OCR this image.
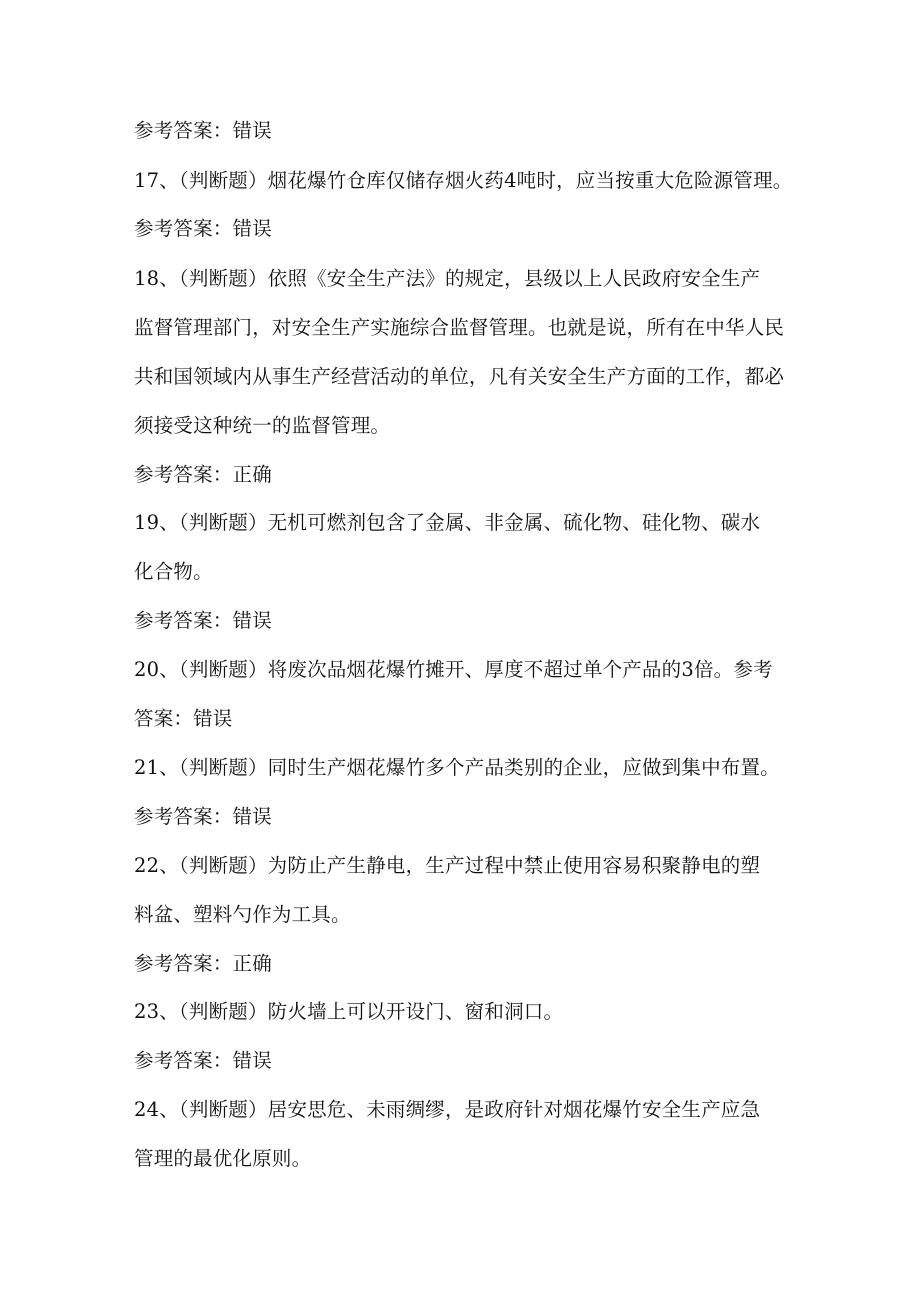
参考答案：错误
17、（判断题）烟花爆竹仓库仅储存烟火药4吨时，应当按重大危险源管理。
参考答案：错误
18、（判断题）依照《安全生产法》的规定，县级以上人民政府安全生产
监督管理部门，对安全生产实施综合监督管理。也就是说，所有在中华人民
共和国领域内从事生产经营活动的单位，凡有关安全生产方面的工作，都必
须接受这种统一的监督管理。
参考答案：正确
19、（判断题）无机可燃剂包含了金属、非金属、硫化物、硅化物、碳水
化合物。
参考答案：错误
20、（判断题）将废次品烟花爆竹摊开、厚度不超过单个产品的3倍。参考
答案：错误
21、（判断题）同时生产烟花爆竹多个产品类别的企业，应做到集中布置。
参考答案：错误
22、（判断题）为防止产生静电，生产过程中禁止使用容易积聚静电的塑
料盆、塑料勺作为工具。
参考答案：正确
23、（判断题）防火墙上可以开设门、窗和洞口。
参考答案：错误
24、（判断题）居安思危、未雨绸缪，是政府针对烟花爆竹安全生产应急
管理的最优化原则。
